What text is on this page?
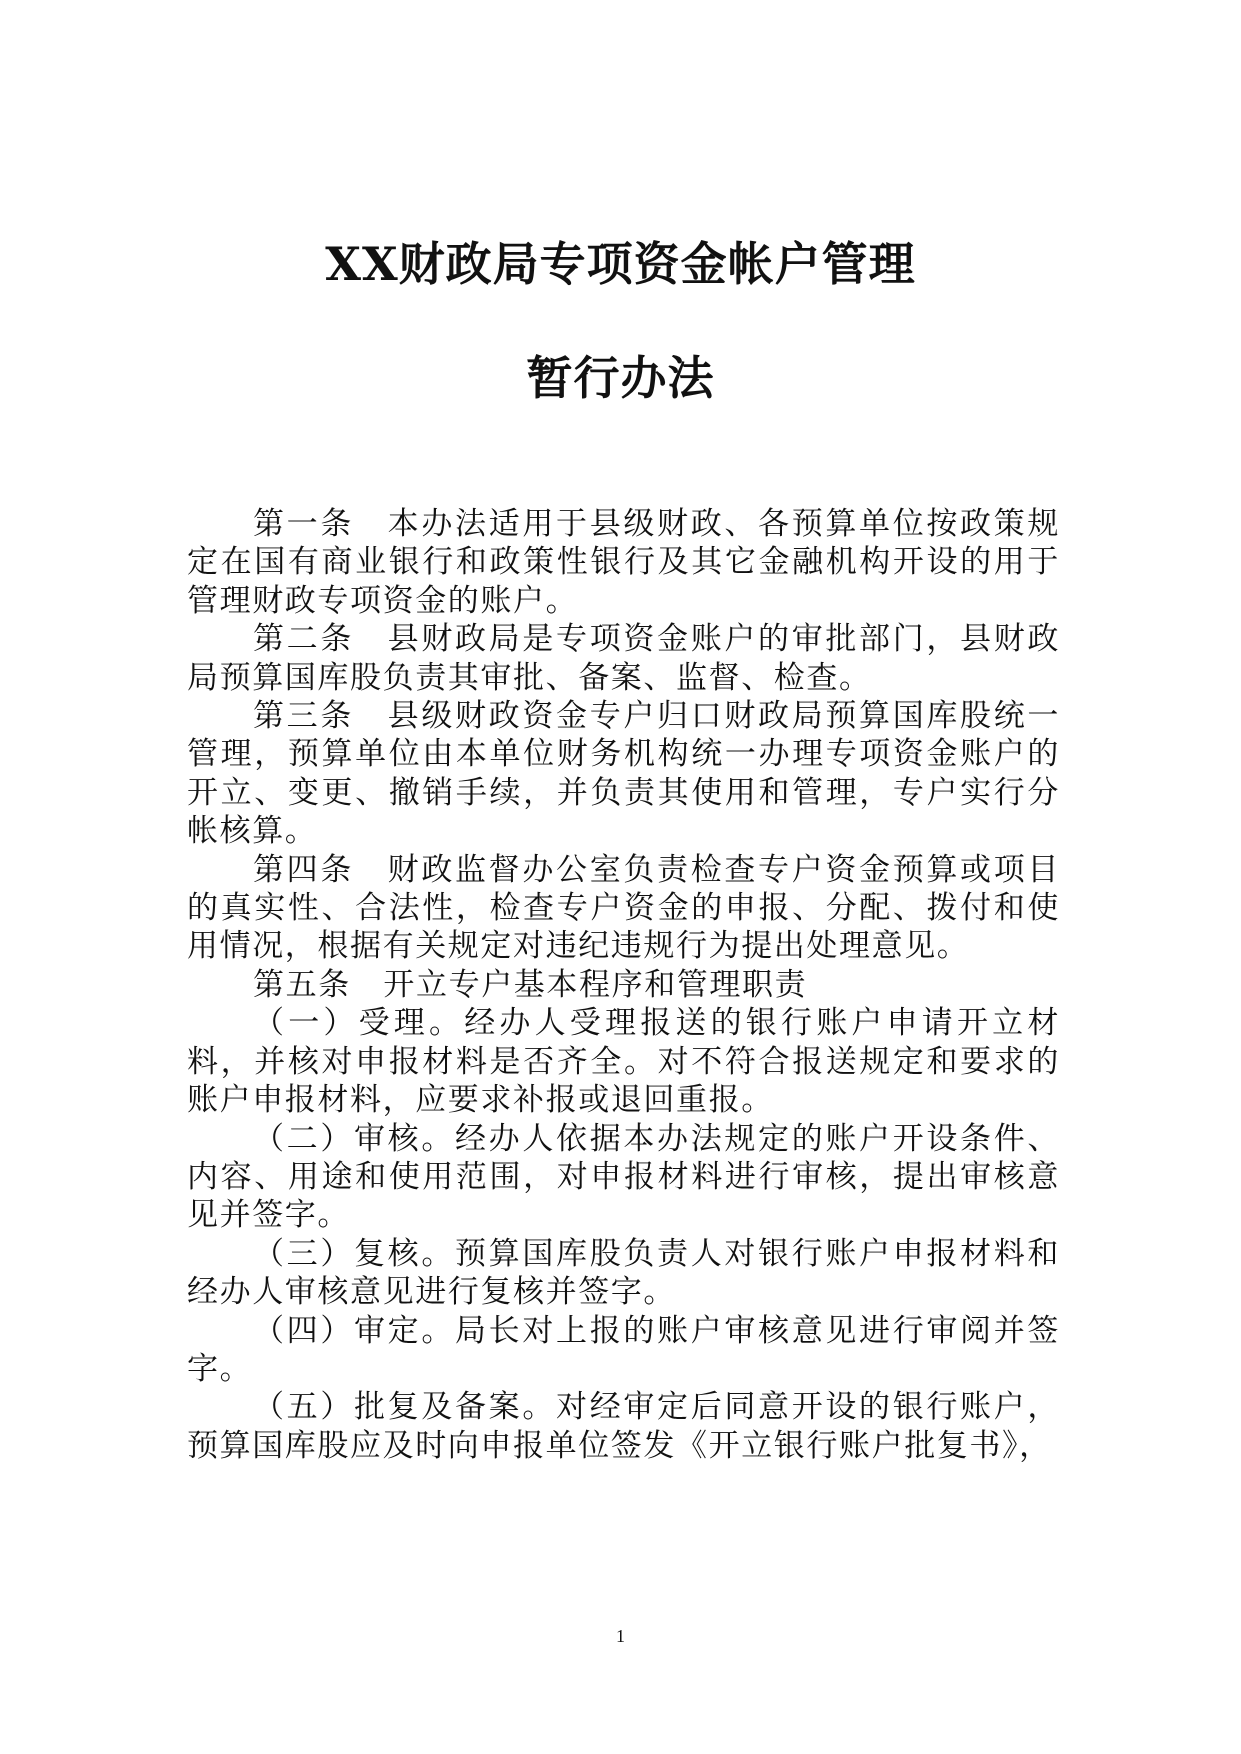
XX财政局专项资金帐户管理
暂行办法

第一条　本办法适用于县级财政、各预算单位按政策规定在国有商业银行和政策性银行及其它金融机构开设的用于管理财政专项资金的账户。

第二条　县财政局是专项资金账户的审批部门，县财政局预算国库股负责其审批、备案、监督、检查。

第三条　县级财政资金专户归口财政局预算国库股统一管理，预算单位由本单位财务机构统一办理专项资金账户的开立、变更、撤销手续，并负责其使用和管理，专户实行分帐核算。

第四条　财政监督办公室负责检查专户资金预算或项目的真实性、合法性，检查专户资金的申报、分配、拨付和使用情况，根据有关规定对违纪违规行为提出处理意见。

第五条　开立专户基本程序和管理职责

（一）受理。经办人受理报送的银行账户申请开立材料，并核对申报材料是否齐全。对不符合报送规定和要求的账户申报材料，应要求补报或退回重报。

（二）审核。经办人依据本办法规定的账户开设条件、内容、用途和使用范围，对申报材料进行审核，提出审核意见并签字。

（三）复核。预算国库股负责人对银行账户申报材料和经办人审核意见进行复核并签字。

（四）审定。局长对上报的账户审核意见进行审阅并签字。

（五）批复及备案。对经审定后同意开设的银行账户，预算国库股应及时向申报单位签发《开立银行账户批复书》，

1
